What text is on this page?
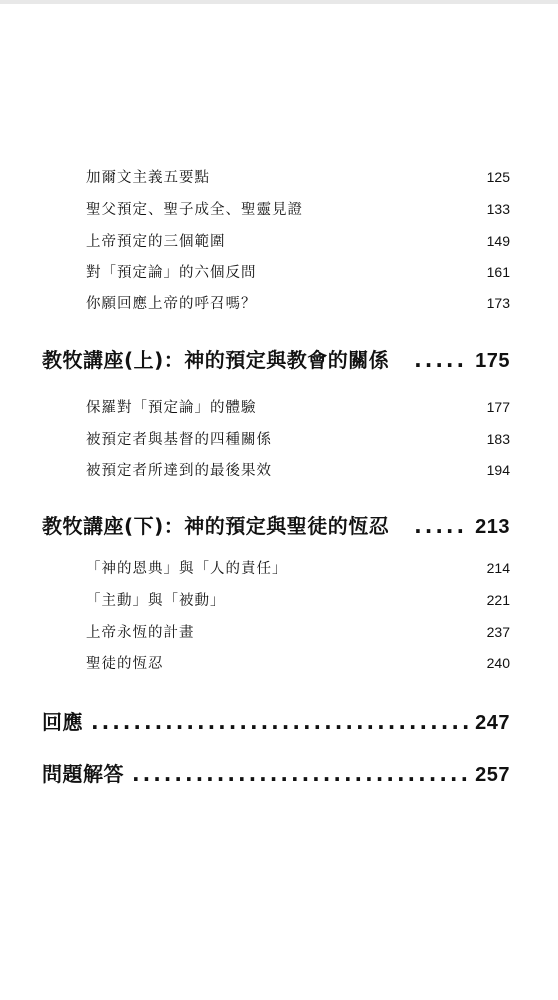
加爾文主義五要點	125
聖父預定、聖子成全、聖靈見證	133
上帝預定的三個範圍	149
對「預定論」的六個反問	161
你願回應上帝的呼召嗎？	173
教牧講座(上)：神的預定與教會的關係 ..... 175
保羅對「預定論」的體驗	177
被預定者與基督的四種關係	183
被預定者所達到的最後果效	194
教牧講座(下)：神的預定與聖徒的恆忍 ..... 213
「神的恩典」與「人的責任」	214
「主動」與「被動」	221
上帝永恆的計畫	237
聖徒的恆忍	240
回應 .....	247
問題解答 .....	257
